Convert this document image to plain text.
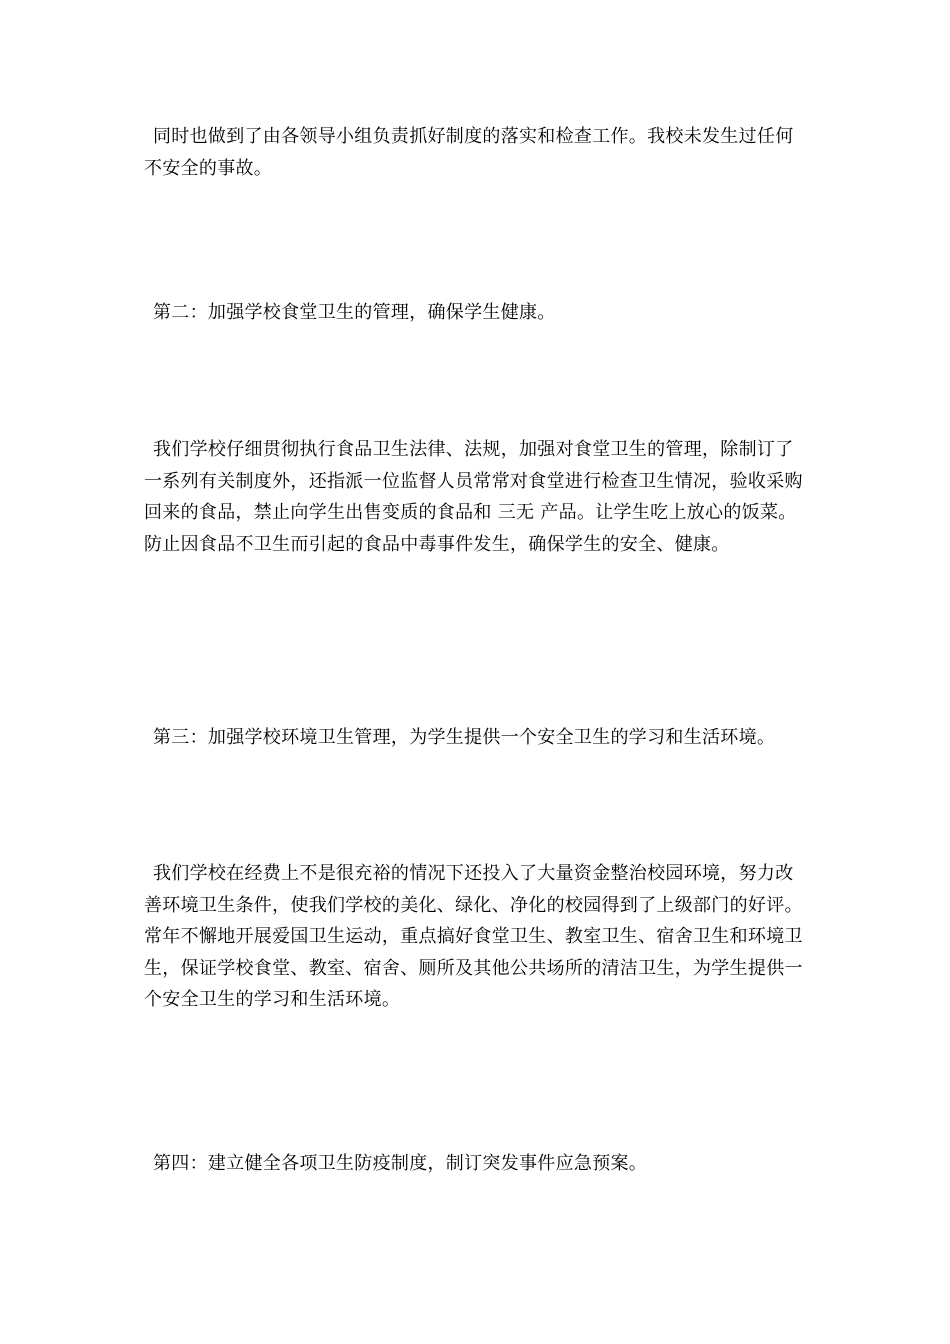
同时也做到了由各领导小组负责抓好制度的落实和检查工作。我校未发生过任何不安全的事故。

第二：加强学校食堂卫生的管理，确保学生健康。

我们学校仔细贯彻执行食品卫生法律、法规，加强对食堂卫生的管理，除制订了一系列有关制度外，还指派一位监督人员常常对食堂进行检查卫生情况，验收采购回来的食品，禁止向学生出售变质的食品和 三无 产品。让学生吃上放心的饭菜。防止因食品不卫生而引起的食品中毒事件发生，确保学生的安全、健康。

第三：加强学校环境卫生管理，为学生提供一个安全卫生的学习和生活环境。

我们学校在经费上不是很充裕的情况下还投入了大量资金整治校园环境，努力改善环境卫生条件，使我们学校的美化、绿化、净化的校园得到了上级部门的好评。常年不懈地开展爱国卫生运动，重点搞好食堂卫生、教室卫生、宿舍卫生和环境卫生，保证学校食堂、教室、宿舍、厕所及其他公共场所的清洁卫生，为学生提供一个安全卫生的学习和生活环境。

第四：建立健全各项卫生防疫制度，制订突发事件应急预案。
